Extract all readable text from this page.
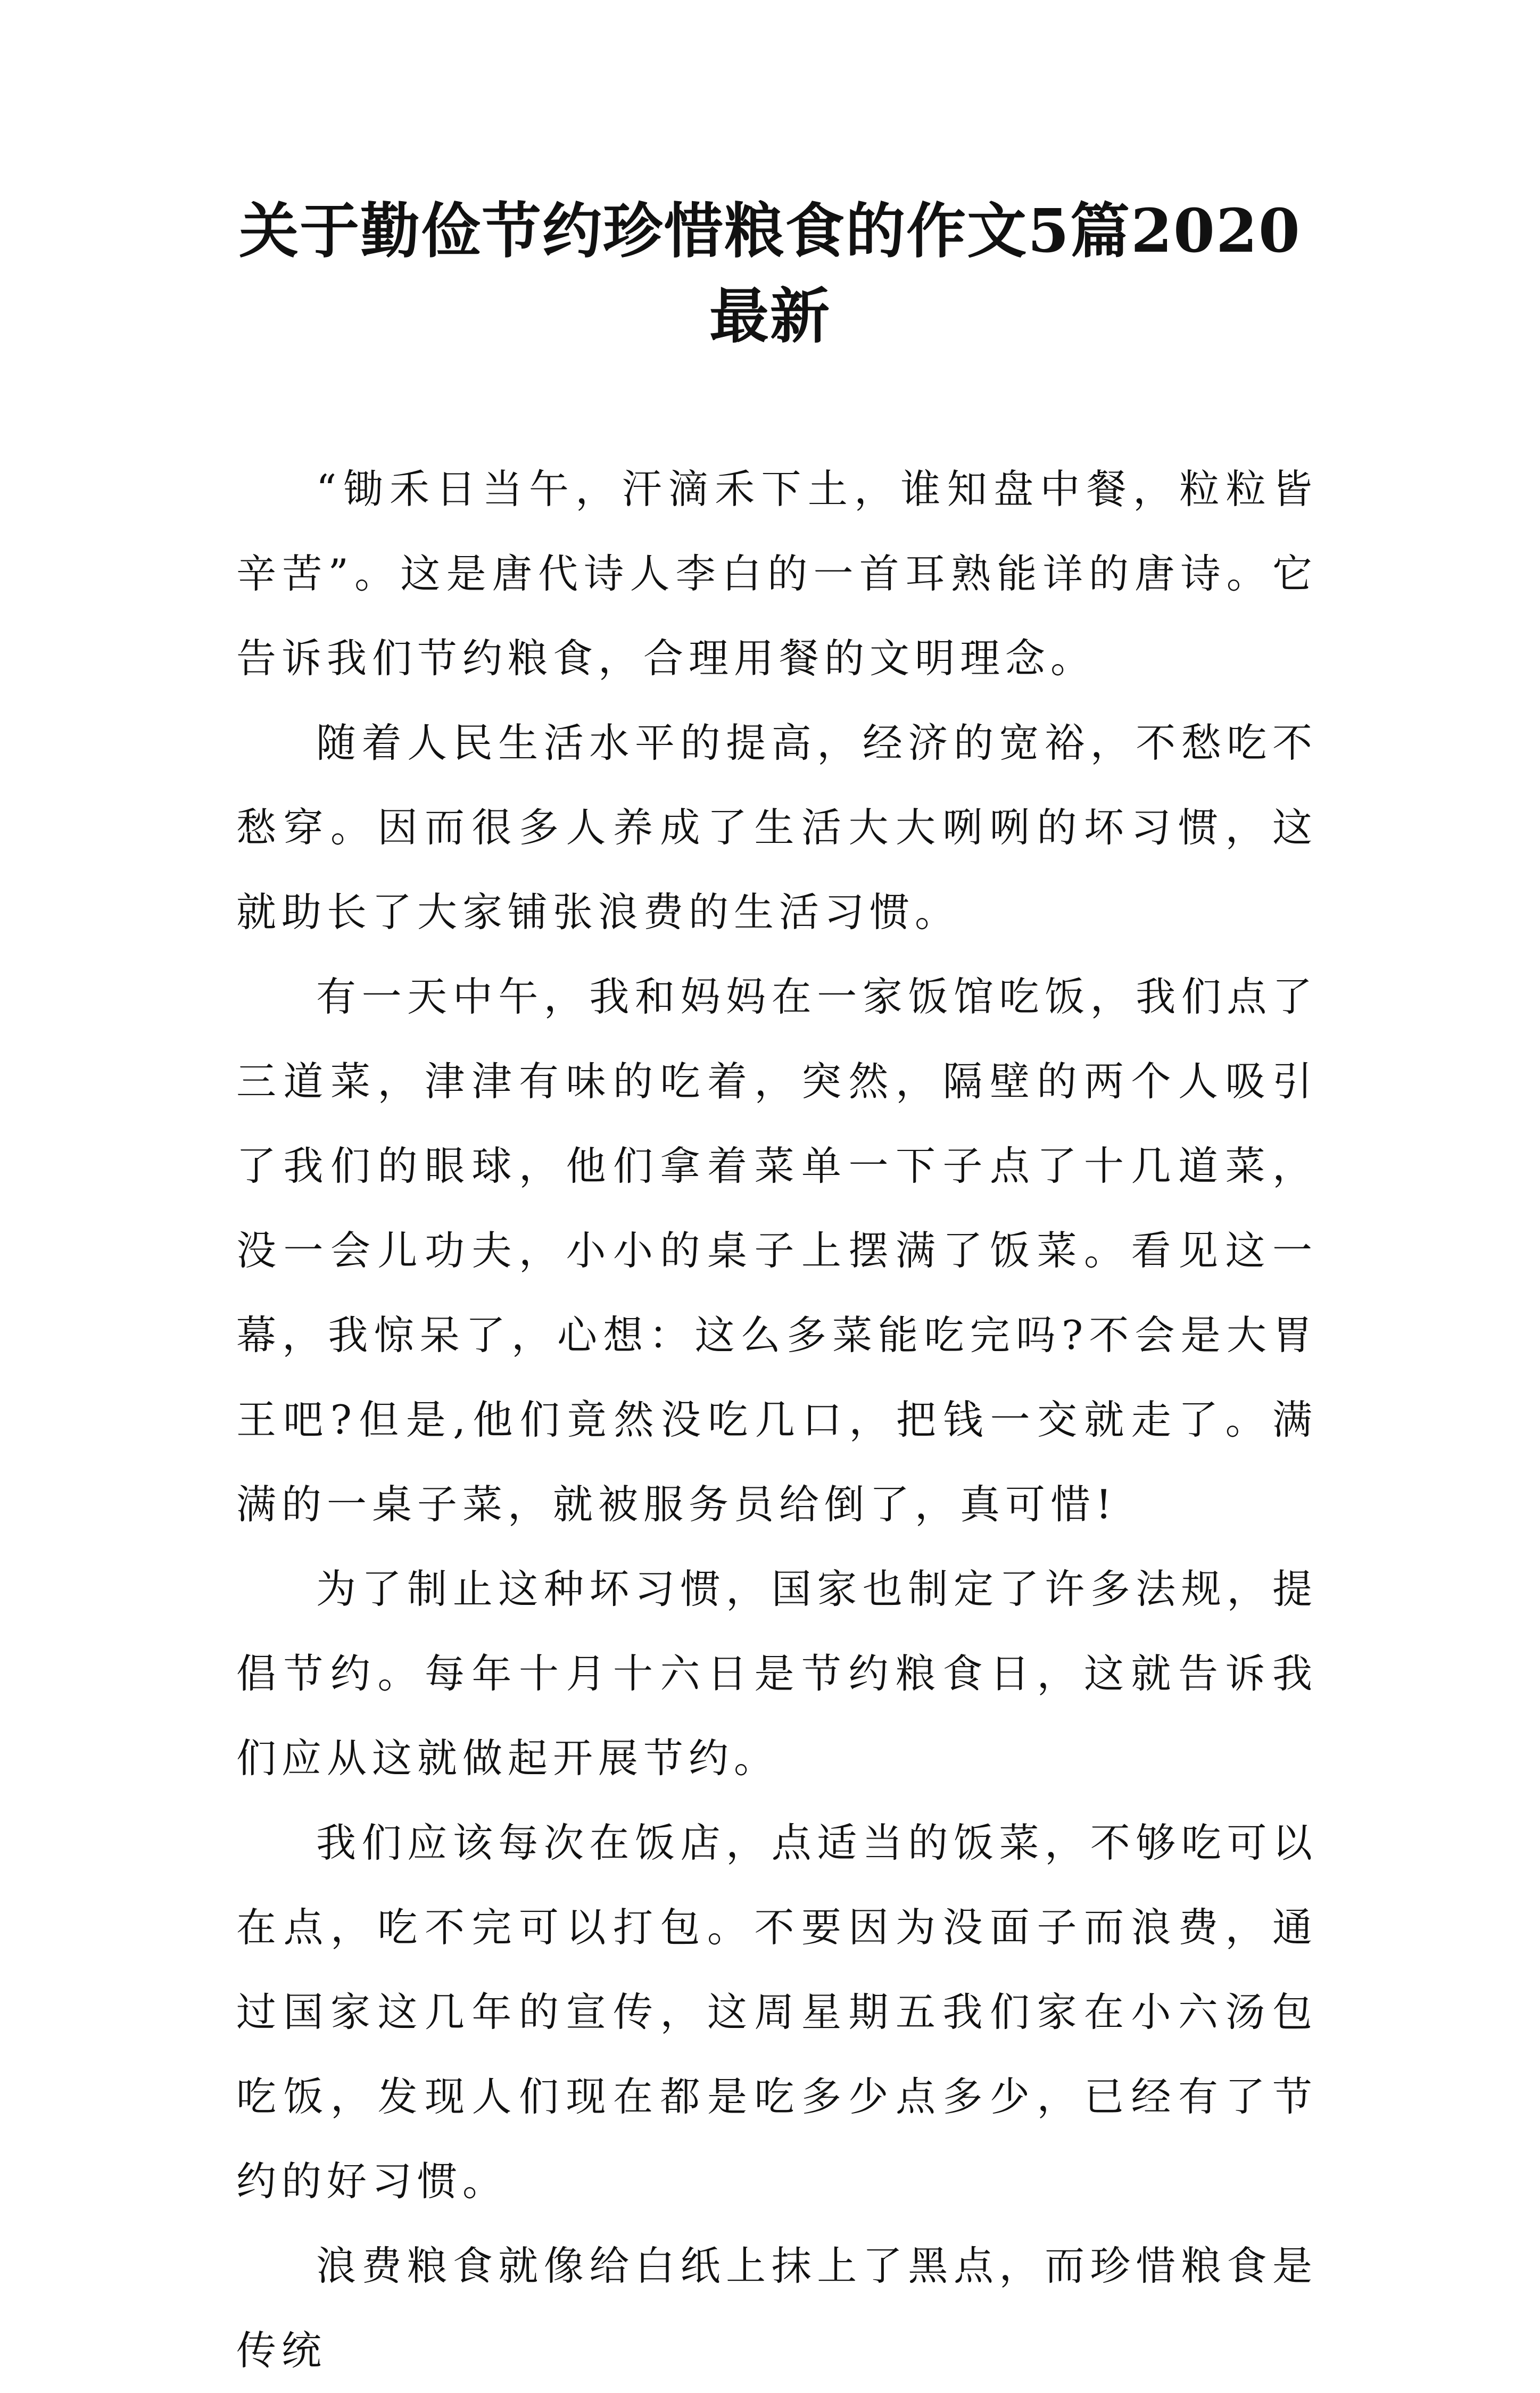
关于勤俭节约珍惜粮食的作文5篇2020最新

“锄禾日当午，汗滴禾下土，谁知盘中餐，粒粒皆辛苦”。这是唐代诗人李白的一首耳熟能详的唐诗。它告诉我们节约粮食，合理用餐的文明理念。

随着人民生活水平的提高，经济的宽裕，不愁吃不愁穿。因而很多人养成了生活大大咧咧的坏习惯，这就助长了大家铺张浪费的生活习惯。

有一天中午，我和妈妈在一家饭馆吃饭，我们点了三道菜，津津有味的吃着，突然，隔壁的两个人吸引了我们的眼球，他们拿着菜单一下子点了十几道菜，没一会儿功夫，小小的桌子上摆满了饭菜。看见这一幕，我惊呆了，心想：这么多菜能吃完吗?不会是大胃王吧?但是,他们竟然没吃几口，把钱一交就走了。满满的一桌子菜，就被服务员给倒了，真可惜!

为了制止这种坏习惯，国家也制定了许多法规，提倡节约。每年十月十六日是节约粮食日，这就告诉我们应从这就做起开展节约。

我们应该每次在饭店，点适当的饭菜，不够吃可以在点，吃不完可以打包。不要因为没面子而浪费，通过国家这几年的宣传，这周星期五我们家在小六汤包吃饭，发现人们现在都是吃多少点多少，已经有了节约的好习惯。

浪费粮食就像给白纸上抹上了黑点，而珍惜粮食是传统
